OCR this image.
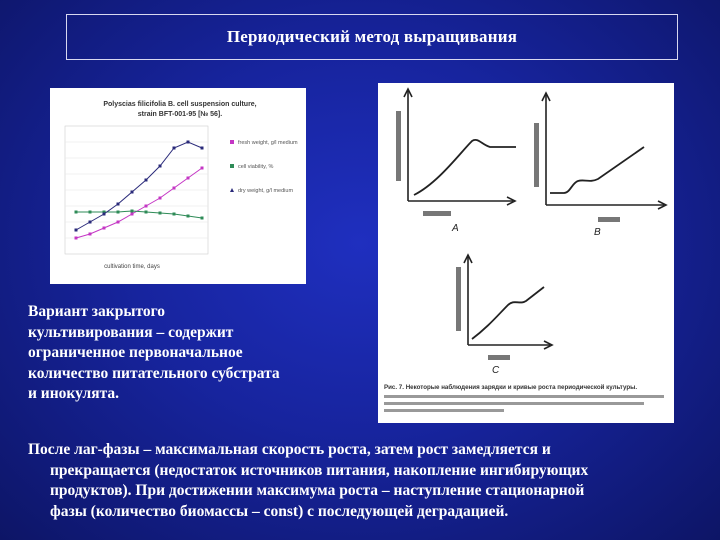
Периодический метод выращивания
Polyscias filicifolia B. cell suspension culture,
strain BFT-001-95 [№ 56].
cultivation time, days
fresh weight, g/l medium
cell viability, %
dry weight, g/l medium
A	B
C
Рис. 7. Некоторые наблюдения зарядки и кривые роста периодической культуры.
Вариант закрытого
культивирования – содержит
ограниченное первоначальное
количество питательного субстрата
и инокулята.
После лаг-фазы – максимальная скорость роста, затем рост замедляется и
прекращается (недостаток источников питания, накопление ингибирующих
продуктов). При достижении максимума роста – наступление стационарной
фазы (количество биомассы – const) с последующей деградацией.
